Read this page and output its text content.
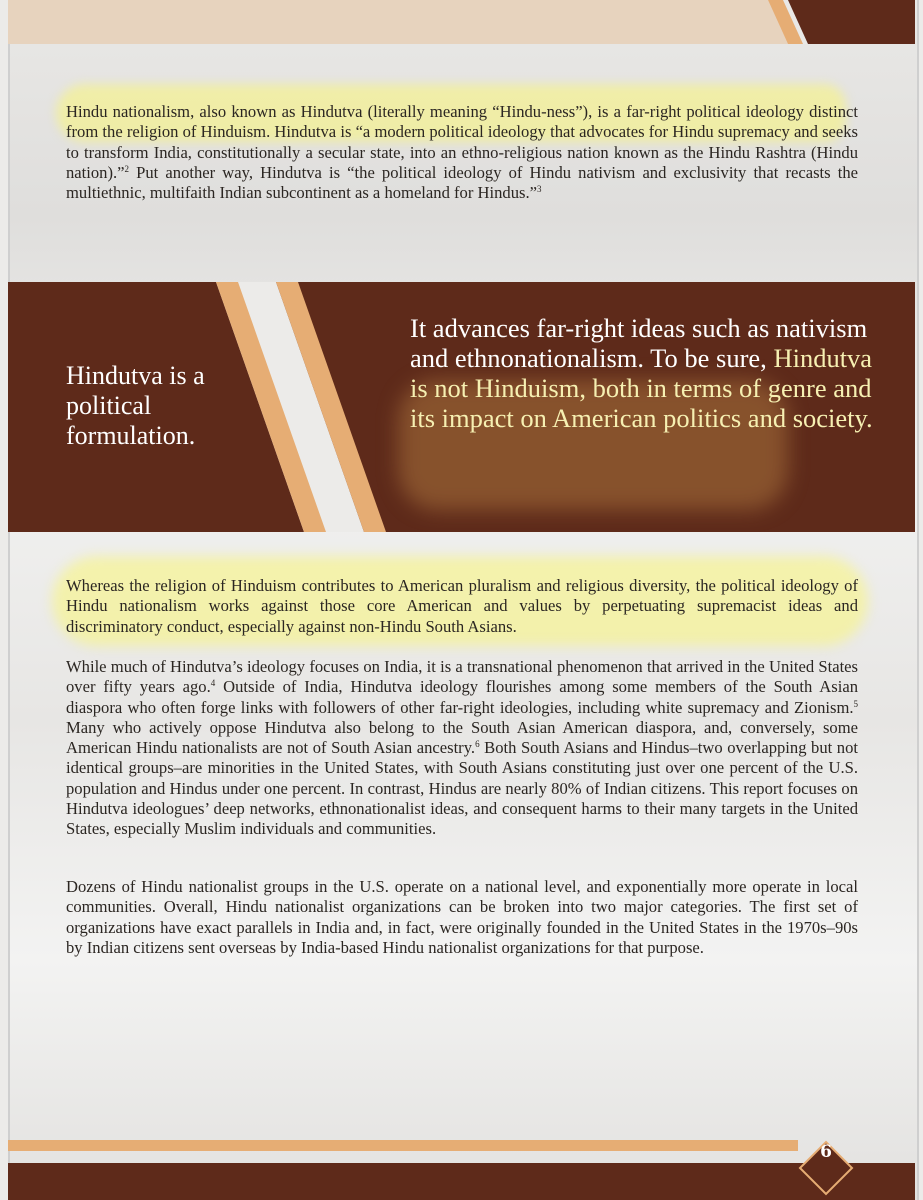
Hindu nationalism, also known as Hindutva (literally meaning “Hindu-ness”), is a far-right political ideology distinct from the religion of Hinduism. Hindutva is “a modern political ideology that advocates for Hindu supremacy and seeks to transform India, constitutionally a secular state, into an ethno-religious nation known as the Hindu Rashtra (Hindu nation).”$^2$ Put another way, Hindutva is “the political ideology of Hindu nativism and exclusivity that recasts the multiethnic, multifaith Indian subcontinent as a homeland for Hindus.”$^3$

Hindutva is a political formulation.
It advances far-right ideas such as nativism and ethnonationalism. To be sure, Hindutva is not Hinduism, both in terms of genre and its impact on American politics and society.

Whereas the religion of Hinduism contributes to American pluralism and religious diversity, the political ideology of Hindu nationalism works against those core American and values by perpetuating supremacist ideas and discriminatory conduct, especially against non-Hindu South Asians.

While much of Hindutva’s ideology focuses on India, it is a transnational phenomenon that arrived in the United States over fifty years ago.$^4$ Outside of India, Hindutva ideology flourishes among some members of the South Asian diaspora who often forge links with followers of other far-right ideologies, including white supremacy and Zionism.$^5$ Many who actively oppose Hindutva also belong to the South Asian American diaspora, and, conversely, some American Hindu nationalists are not of South Asian ancestry.$^6$ Both South Asians and Hindus–two overlapping but not identical groups–are minorities in the United States, with South Asians constituting just over one percent of the U.S. population and Hindus under one percent. In contrast, Hindus are nearly 80% of Indian citizens. This report focuses on Hindutva ideologues’ deep networks, ethnonationalist ideas, and consequent harms to their many targets in the United States, especially Muslim individuals and communities.

Dozens of Hindu nationalist groups in the U.S. operate on a national level, and exponentially more operate in local communities. Overall, Hindu nationalist organizations can be broken into two major categories. The first set of organizations have exact parallels in India and, in fact, were originally founded in the United States in the 1970s–90s by Indian citizens sent overseas by India-based Hindu nationalist organizations for that purpose.

6
